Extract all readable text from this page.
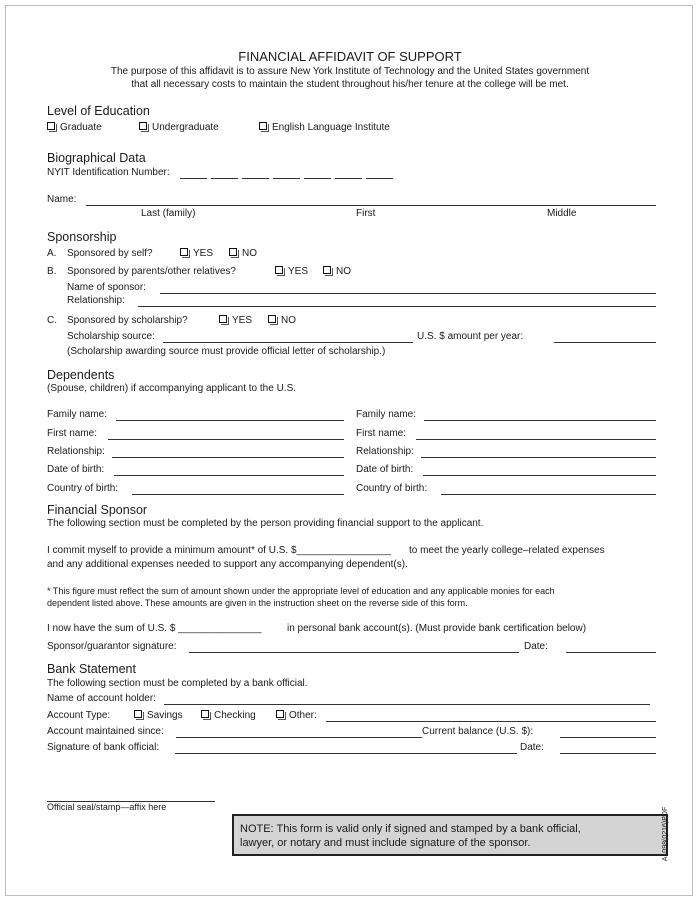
FINANCIAL AFFIDAVIT OF SUPPORT
The purpose of this affidavit is to assure New York Institute of Technology and the United States government
that all necessary costs to maintain the student throughout his/her tenure at the college will be met.
Level of Education
Graduate	Undergraduate	English Language Institute
Biographical Data
NYIT Identification Number:
Name:
Last (family)	First	Middle
Sponsorship
A. Sponsored by self?	YES	NO
B. Sponsored by parents/other relatives?	YES	NO
Name of sponsor:
Relationship:
C. Sponsored by scholarship?	YES	NO
Scholarship source:	U.S. $ amount per year:
(Scholarship awarding source must provide official letter of scholarship.)
Dependents
(Spouse, children) if accompanying applicant to the U.S.
Family name:	Family name:
First name:	First name:
Relationship:	Relationship:
Date of birth:	Date of birth:
Country of birth:	Country of birth:
Financial Sponsor
The following section must be completed by the person providing financial support to the applicant.
I commit myself to provide a minimum amount* of U.S. $_________________ to meet the yearly college–related expenses
and any additional expenses needed to support any accompanying dependent(s).
* This figure must reflect the sum of amount shown under the appropriate level of education and any applicable monies for each
dependent listed above. These amounts are given in the instruction sheet on the reverse side of this form.
I now have the sum of U.S. $ _______________	in personal bank account(s). (Must provide bank certification below)
Sponsor/guarantor signature:	Date:
Bank Statement
The following section must be completed by a bank official.
Name of account holder:
Account Type:	Savings	Checking	Other:
Account maintained since:	Current balance (U.S. $):
Signature of bank official:	Date:
Official seal/stamp—affix here
NOTE: This form is valid only if signed and stamped by a bank official,
lawyer, or notary and must include signature of the sponsor.	A1098(0216)PDF
